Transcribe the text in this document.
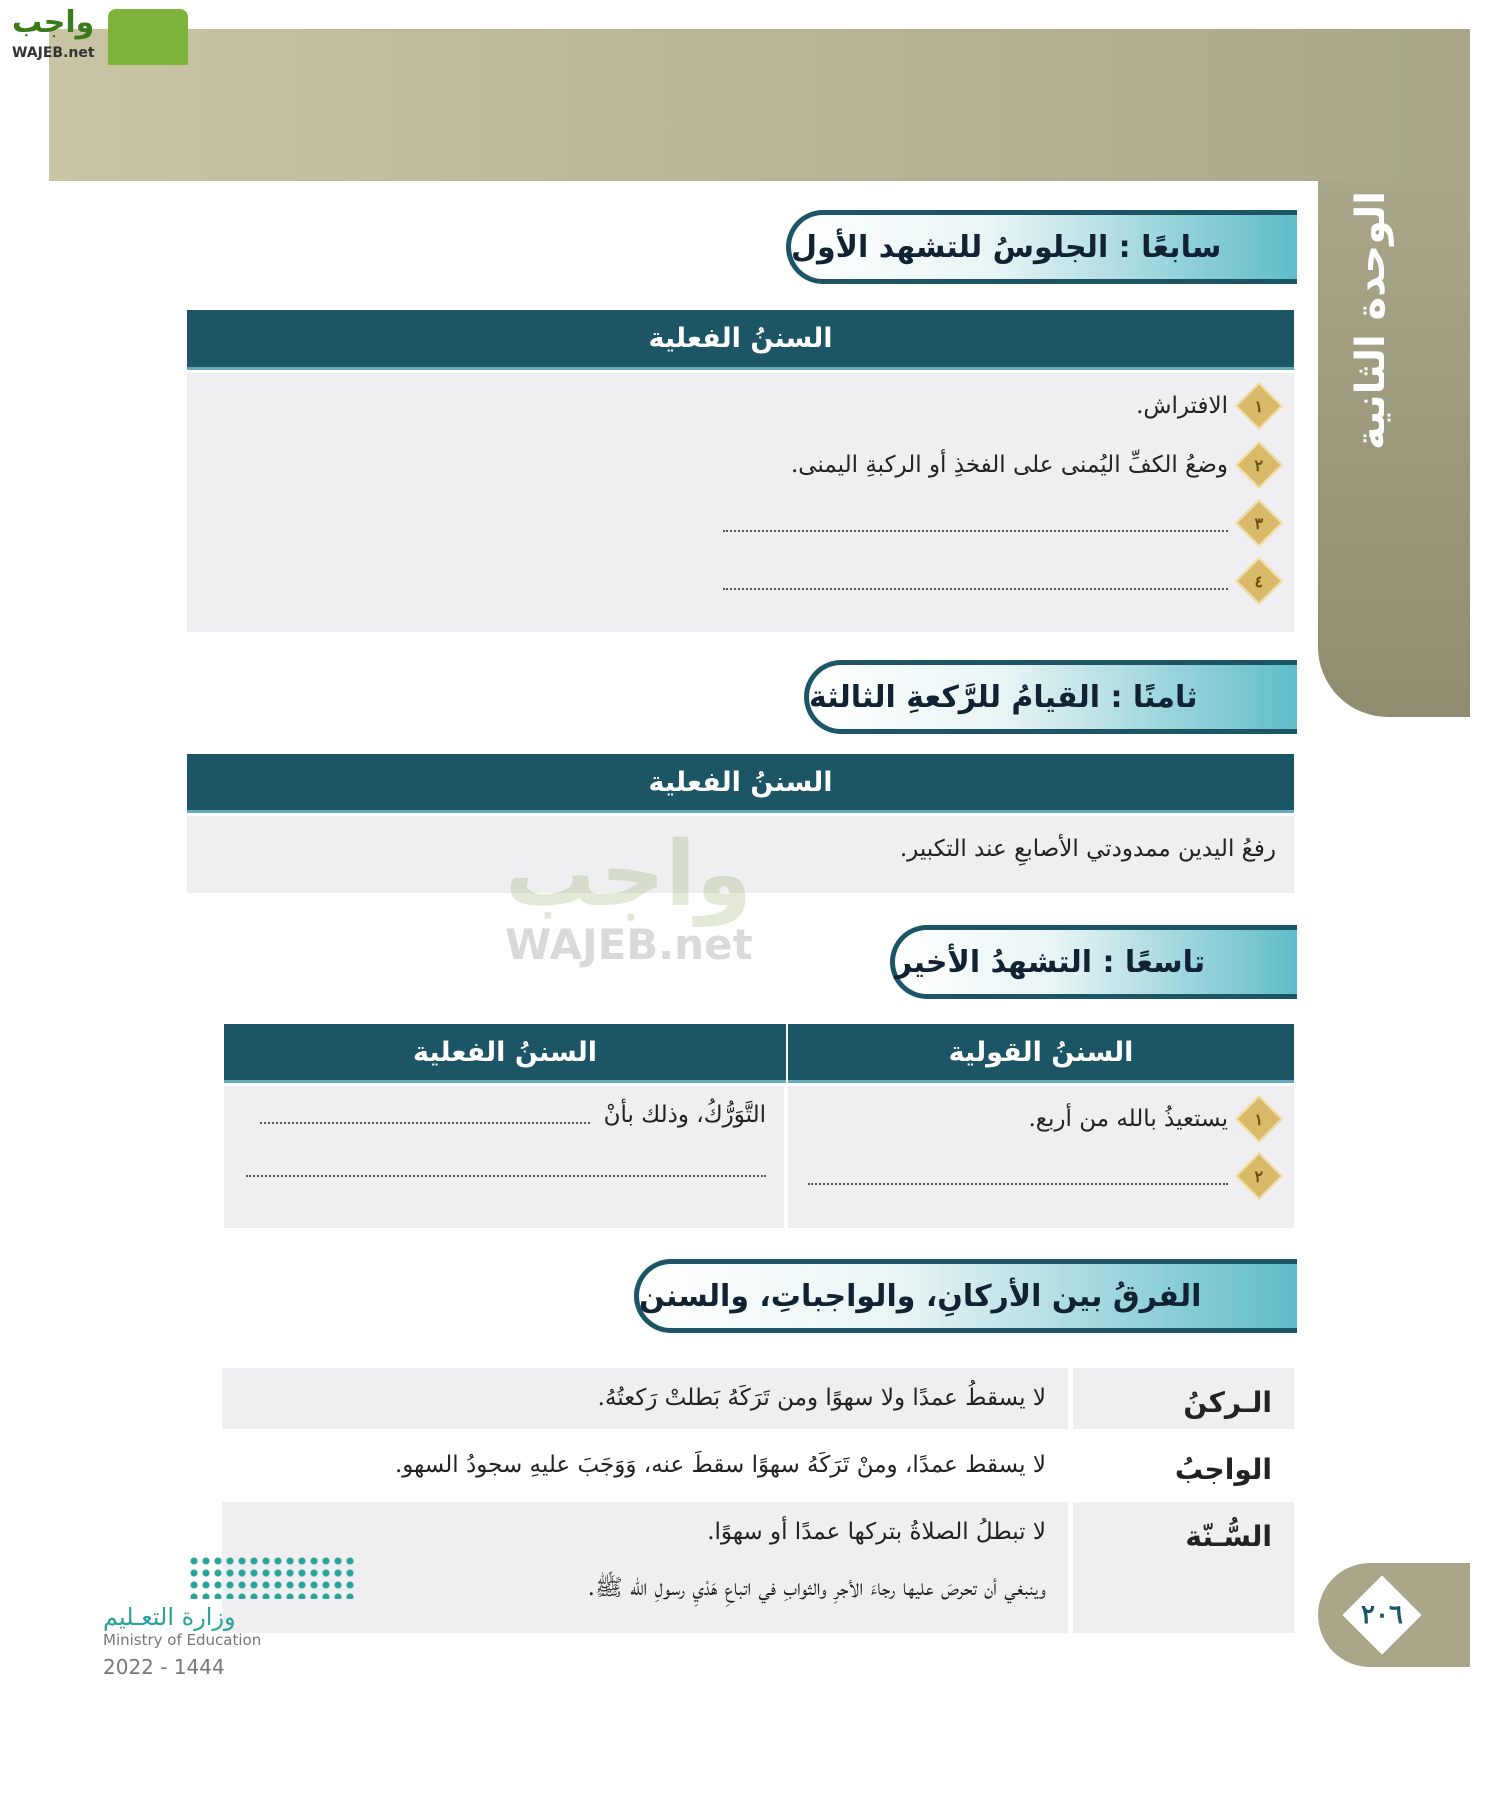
واجب
WAJEB.net
الوحدة الثانية
سابعًا : الجلوسُ للتشهد الأول
السننُ الفعلية
١
الافتراش.
٢
وضعُ الكفِّ اليُمنى على الفخذِ أو الركبةِ اليمنى.
٣
٤
ثامنًا : القيامُ للرَّكعةِ الثالثة
السننُ الفعلية
رفعُ اليدين ممدودتي الأصابعِ عند التكبير.
واجب
WAJEB.net	تاسعًا : التشهدُ الأخير
السننُ القولية
السننُ الفعلية
١
يستعيذُ بالله من أربع.
٢
التَّوَرُّكُ، وذلك بأنْ
الفرقُ بين الأركانِ، والواجباتِ، والسنن
الـركنُ
لا يسقطُ عمدًا ولا سهوًا ومن تَرَكَهُ بَطلتْ رَكعتُهُ.
الواجبُ
لا يسقط عمدًا، ومنْ تَرَكَهُ سهوًا سقطَ عنه، وَوَجَبَ عليهِ سجودُ السهو.
السُّـنّة
لا تبطلُ الصلاةُ بتركها عمدًا أو سهوًا.
وينبغي أن تحرصَ عليها رجاءَ الأجرِ والثوابِ في اتباعِ هَدْيِ رسولِ الله ﷺ.
٢٠٦
وزارة التعـليم
Ministry of Education
2022 - 1444
